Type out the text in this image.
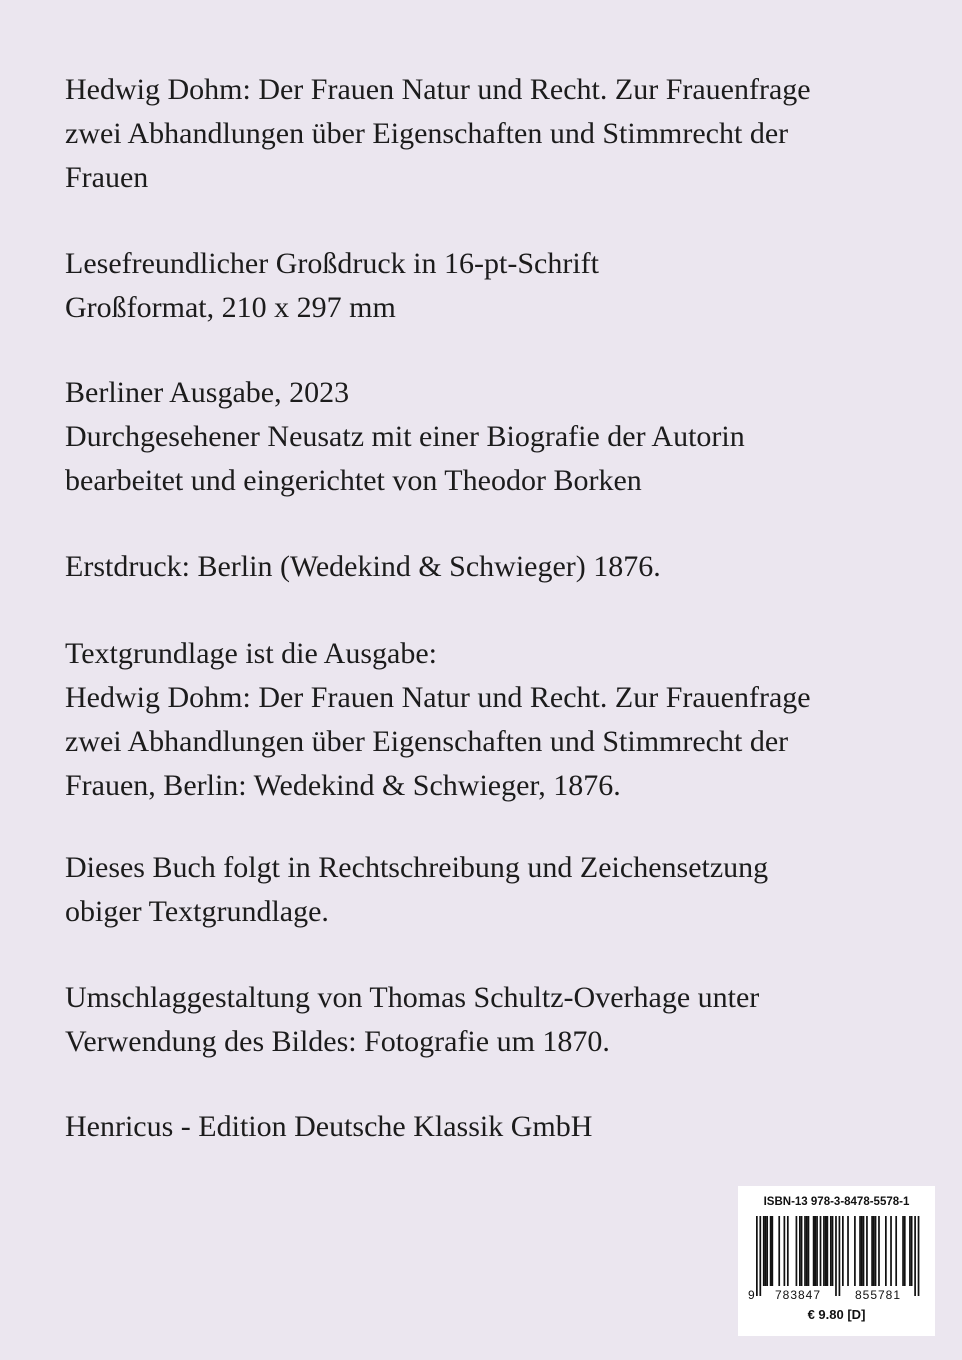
Hedwig Dohm: Der Frauen Natur und Recht. Zur Frauenfrage
zwei Abhandlungen über Eigenschaften und Stimmrecht der
Frauen
Lesefreundlicher Großdruck in 16-pt-Schrift
Großformat, 210 x 297 mm
Berliner Ausgabe, 2023
Durchgesehener Neusatz mit einer Biografie der Autorin
bearbeitet und eingerichtet von Theodor Borken
Erstdruck: Berlin (Wedekind & Schwieger) 1876.
Textgrundlage ist die Ausgabe:
Hedwig Dohm: Der Frauen Natur und Recht. Zur Frauenfrage
zwei Abhandlungen über Eigenschaften und Stimmrecht der
Frauen, Berlin: Wedekind & Schwieger, 1876.
Dieses Buch folgt in Rechtschreibung und Zeichensetzung
obiger Textgrundlage.
Umschlaggestaltung von Thomas Schultz-Overhage unter
Verwendung des Bildes: Fotografie um 1870.
Henricus - Edition Deutsche Klassik GmbH
ISBN-13 978-3-8478-5578-1
9 783847	855781
€ 9.80 [D]
